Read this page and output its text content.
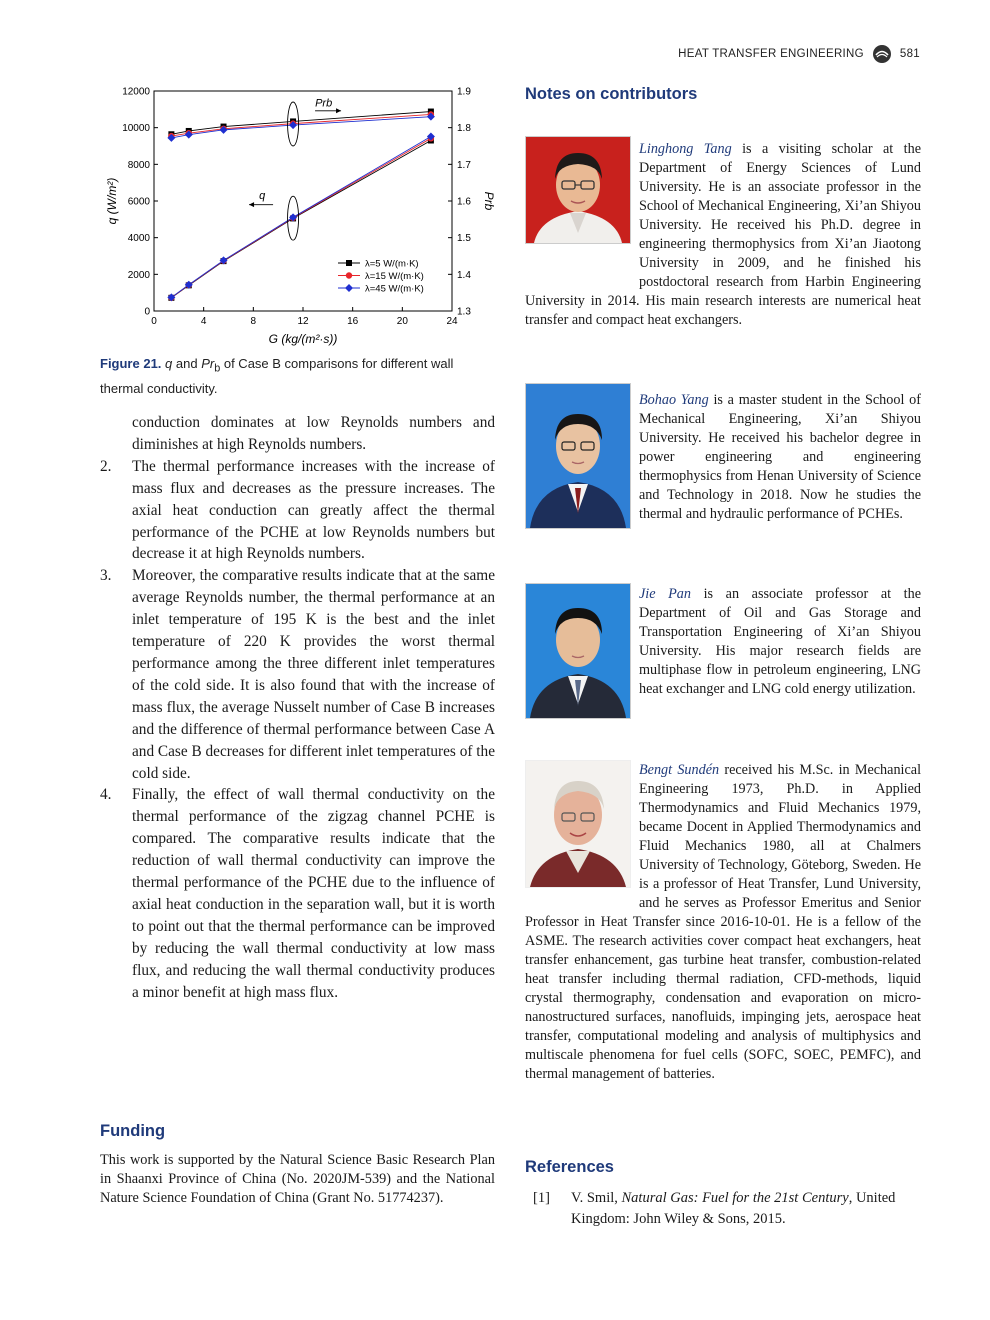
HEAT TRANSFER ENGINEERING	581
0	4	8	12	16	20	24
0
2000
4000
6000
8000
10000
12000
1.3
1.4
1.5
1.6
1.7
1.8
1.9
G (kg/(m²·s))
q (W/m²)	Prb
Prb
q
λ=5 W/(m·K)
λ=15 W/(m·K)
λ=45 W/(m·K)
Figure 21. q and $Pr_b$ of Case B comparisons for different wall thermal conductivity.
conduction dominates at low Reynolds numbers and diminishes at high Reynolds numbers.
2. The thermal performance increases with the increase of mass flux and decreases as the pressure increases. The axial heat conduction can greatly affect the thermal performance of the PCHE at low Reynolds numbers but decrease it at high Reynolds numbers.
3. Moreover, the comparative results indicate that at the same average Reynolds number, the thermal performance at an inlet temperature of 195 K is the best and the inlet temperature of 220 K provides the worst thermal performance among the three different inlet temperatures of the cold side. It is also found that with the increase of mass flux, the average Nusselt number of Case B increases and the difference of thermal performance between Case A and Case B decreases for different inlet temperatures of the cold side.
4. Finally, the effect of wall thermal conductivity on the thermal performance of the zigzag channel PCHE is compared. The comparative results indicate that the reduction of wall thermal conductivity can improve the thermal performance of the PCHE due to the influence of axial heat conduction in the separation wall, but it is worth to point out that the thermal performance can be improved by reducing the wall thermal conductivity at low mass flux, and reducing the wall thermal conductivity produces a minor benefit at high mass flux.
Funding
This work is supported by the Natural Science Basic Research Plan in Shaanxi Province of China (No. 2020JM-539) and the National Nature Science Foundation of China (Grant No. 51774237).
Notes on contributors
Linghong Tang is a visiting scholar at the Department of Energy Sciences of Lund University. He is an associate professor in the School of Mechanical Engineering, Xi’an Shiyou University. He received his Ph.D. degree in engineering thermophysics from Xi’an Jiaotong University in 2009, and he finished his postdoctoral research from Harbin Engineering University in 2014. His main research interests are numerical heat transfer and compact heat exchangers.
Bohao Yang is a master student in the School of Mechanical Engineering, Xi’an Shiyou University. He received his bachelor degree in power engineering and engineering thermophysics from Henan University of Science and Technology in 2018. Now he studies the thermal and hydraulic performance of PCHEs.
Jie Pan is an associate professor at the Department of Oil and Gas Storage and Transportation Engineering of Xi’an Shiyou University. His major research fields are multiphase flow in petroleum engineering, LNG heat exchanger and LNG cold energy utilization.
Bengt Sundén received his M.Sc. in Mechanical Engineering 1973, Ph.D. in Applied Thermodynamics and Fluid Mechanics 1979, became Docent in Applied Thermodynamics and Fluid Mechanics 1980, all at Chalmers University of Technology, Göteborg, Sweden. He is a professor of Heat Transfer, Lund University, and he serves as Professor Emeritus and Senior Professor in Heat Transfer since 2016-10-01. He is a fellow of the ASME. The research activities cover compact heat exchangers, heat transfer enhancement, gas turbine heat transfer, combustion-related heat transfer including thermal radiation, CFD-methods, liquid crystal thermography, condensation and evaporation on micro-nanostructured surfaces, nanofluids, impinging jets, aerospace heat transfer, computational modeling and analysis of multiphysics and multiscale phenomena for fuel cells (SOFC, SOEC, PEMFC), and thermal management of batteries.
References
[1]	V. Smil, Natural Gas: Fuel for the 21st Century, United Kingdom: John Wiley & Sons, 2015.
